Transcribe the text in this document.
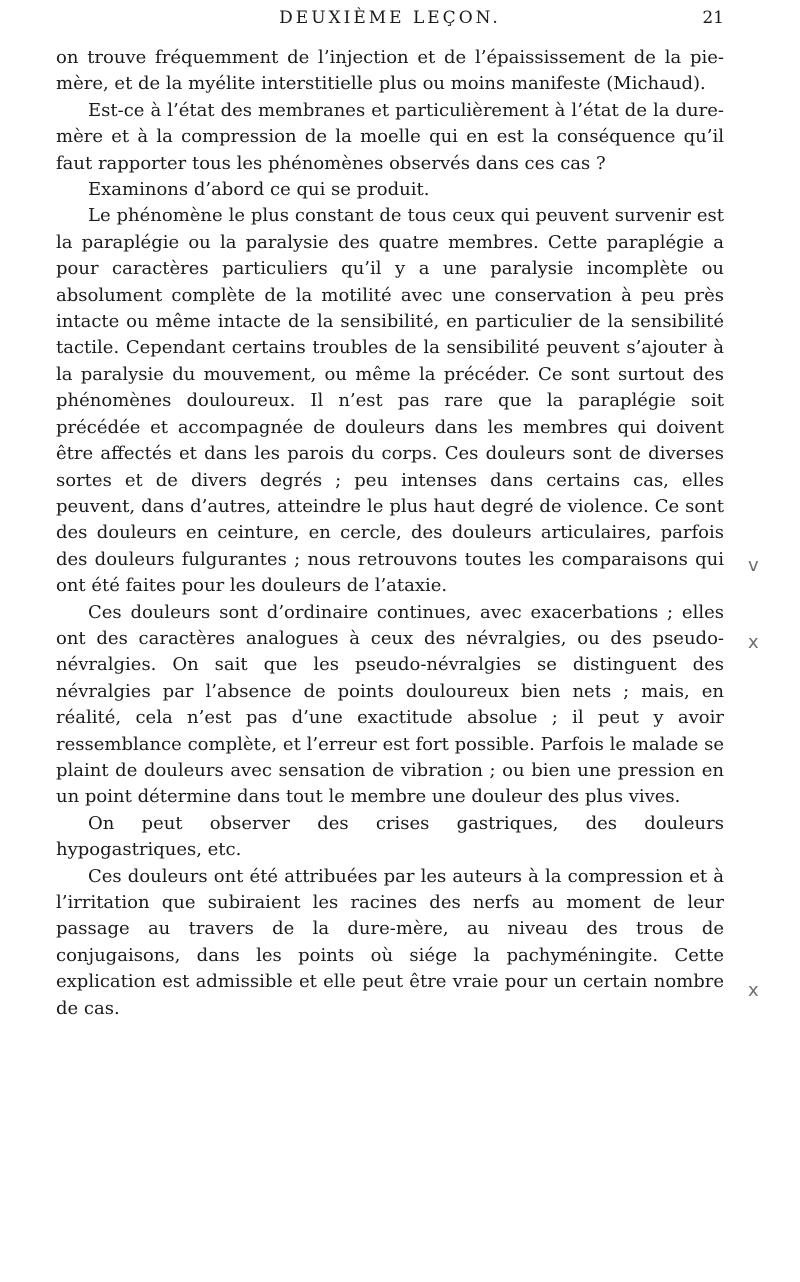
DEUXIÈME LEÇON.	21

on trouve fréquemment de l’injection et de l’épaississement de la pie-mère, et de la myélite interstitielle plus ou moins manifeste (Michaud).

Est-ce à l’état des membranes et particulièrement à l’état de la dure-mère et à la compression de la moelle qui en est la conséquence qu’il faut rapporter tous les phénomènes observés dans ces cas ?

Examinons d’abord ce qui se produit.

Le phénomène le plus constant de tous ceux qui peuvent survenir est la paraplégie ou la paralysie des quatre membres. Cette paraplégie a pour caractères particuliers qu’il y a une paralysie incomplète ou absolument complète de la motilité avec une conservation à peu près intacte ou même intacte de la sensibilité, en particulier de la sensibilité tactile. Cependant certains troubles de la sensibilité peuvent s’ajouter à la paralysie du mouvement, ou même la précéder. Ce sont surtout des phénomènes douloureux. Il n’est pas rare que la paraplégie soit précédée et accompagnée de douleurs dans les membres qui doivent être affectés et dans les parois du corps. Ces douleurs sont de diverses sortes et de divers degrés ; peu intenses dans certains cas, elles peuvent, dans d’autres, atteindre le plus haut degré de violence. Ce sont des douleurs en ceinture, en cercle, des douleurs articulaires, parfois des douleurs fulgurantes ; nous retrouvons toutes les comparaisons qui ont été faites pour les douleurs de l’ataxie.

Ces douleurs sont d’ordinaire continues, avec exacerbations ; elles ont des caractères analogues à ceux des névralgies, ou des pseudo-névralgies. On sait que les pseudo-névralgies se distinguent des névralgies par l’absence de points douloureux bien nets ; mais, en réalité, cela n’est pas d’une exactitude absolue ; il peut y avoir ressemblance complète, et l’erreur est fort possible. Parfois le malade se plaint de douleurs avec sensation de vibration ; ou bien une pression en un point détermine dans tout le membre une douleur des plus vives.

On peut observer des crises gastriques, des douleurs hypogastriques, etc.

Ces douleurs ont été attribuées par les auteurs à la compression et à l’irritation que subiraient les racines des nerfs au moment de leur passage au travers de la dure-mère, au niveau des trous de conjugaisons, dans les points où siége la pachyméningite. Cette explication est admissible et elle peut être vraie pour un certain nombre de cas.

v
x
x
